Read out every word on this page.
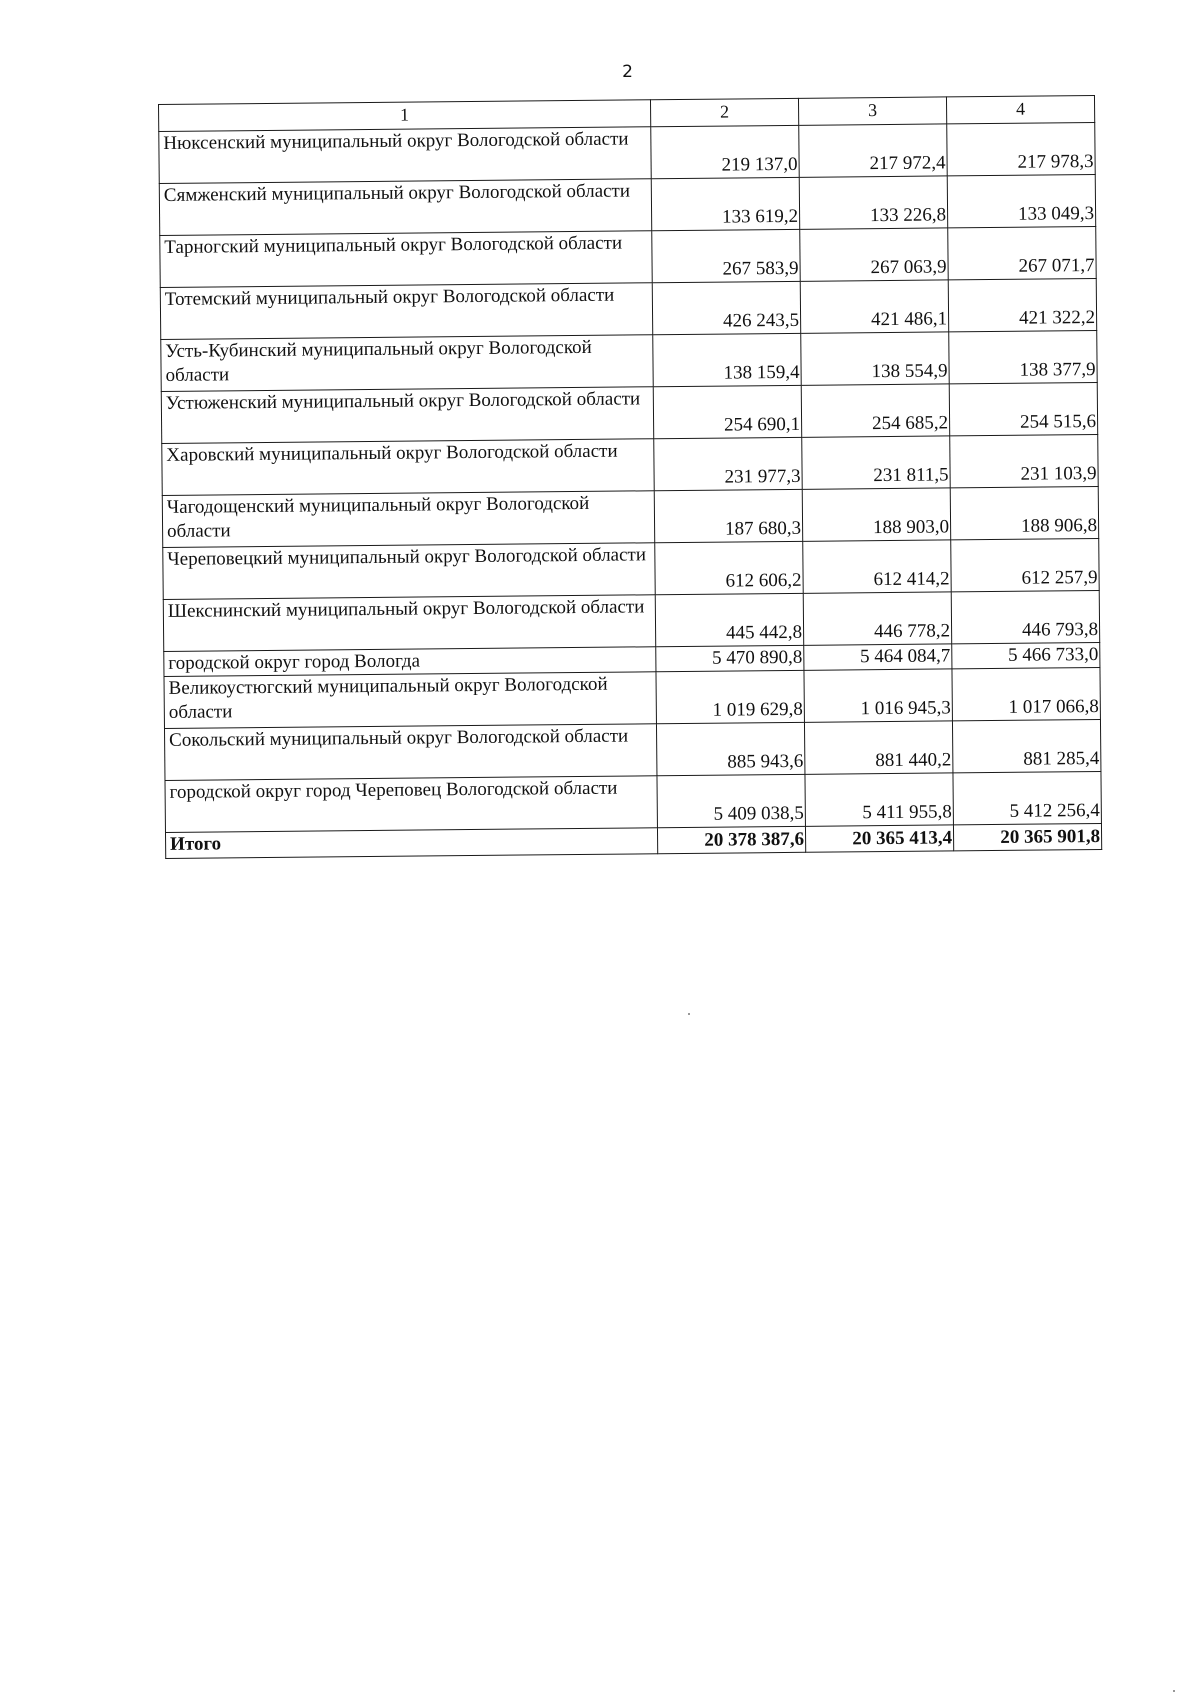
2
1	2	3	4
Нюксенский муниципальный округ Вологодской области	219 137,0	217 972,4	217 978,3
Сямженский муниципальный округ Вологодской области	133 619,2	133 226,8	133 049,3
Тарногский муниципальный округ Вологодской области	267 583,9	267 063,9	267 071,7
Тотемский муниципальный округ Вологодской области	426 243,5	421 486,1	421 322,2
Усть-Кубинский муниципальный округ Вологодской области	138 159,4	138 554,9	138 377,9
Устюженский муниципальный округ Вологодской области	254 690,1	254 685,2	254 515,6
Харовский муниципальный округ Вологодской области	231 977,3	231 811,5	231 103,9
Чагодощенский муниципальный округ Вологодской области	187 680,3	188 903,0	188 906,8
Череповецкий муниципальный округ Вологодской области	612 606,2	612 414,2	612 257,9
Шекснинский муниципальный округ Вологодской области	445 442,8	446 778,2	446 793,8
городской округ город Вологда	5 470 890,8	5 464 084,7	5 466 733,0
Великоустюгский муниципальный округ Вологодской области	1 019 629,8	1 016 945,3	1 017 066,8
Сокольский муниципальный округ Вологодской области	885 943,6	881 440,2	881 285,4
городской округ город Череповец Вологодской области	5 409 038,5	5 411 955,8	5 412 256,4
Итого	20 378 387,6	20 365 413,4	20 365 901,8
